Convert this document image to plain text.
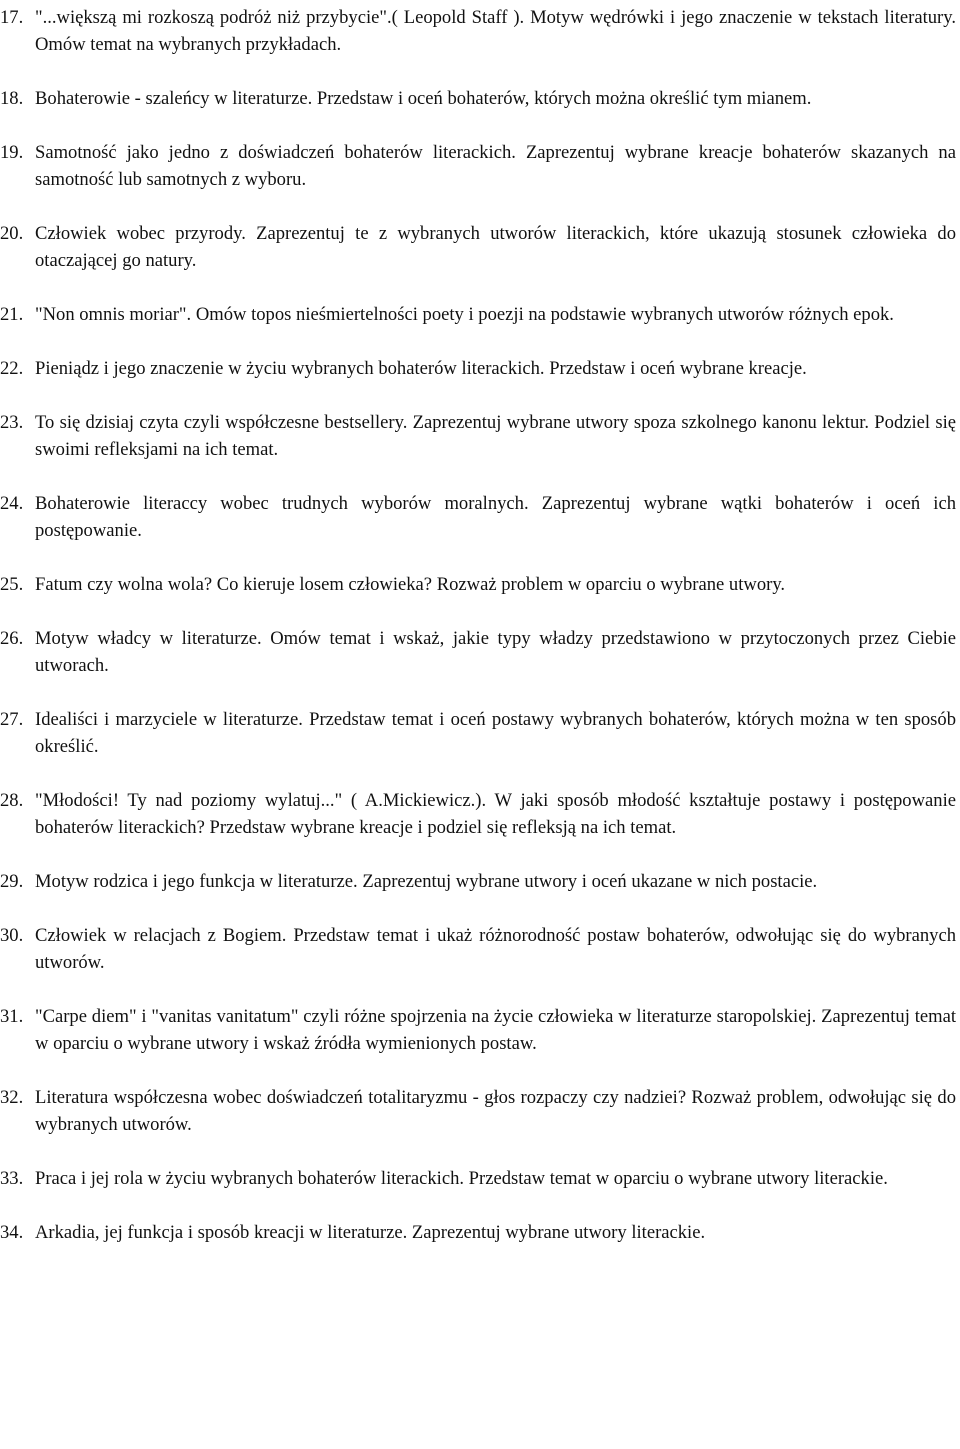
17. "...większą mi rozkoszą podróż niż przybycie".( Leopold Staff ). Motyw wędrówki i jego znaczenie w tekstach literatury. Omów temat na wybranych przykładach.
18. Bohaterowie - szaleńcy w literaturze. Przedstaw i oceń bohaterów, których można określić tym mianem.
19. Samotność jako jedno z doświadczeń bohaterów literackich. Zaprezentuj wybrane kreacje bohaterów skazanych na samotność lub samotnych z wyboru.
20. Człowiek wobec przyrody. Zaprezentuj te z wybranych utworów literackich, które ukazują stosunek człowieka do otaczającej go natury.
21. "Non omnis moriar". Omów topos nieśmiertelności poety i poezji na podstawie wybranych utworów różnych epok.
22. Pieniądz i jego znaczenie w życiu wybranych bohaterów literackich. Przedstaw i oceń wybrane kreacje.
23. To się dzisiaj czyta czyli współczesne bestsellery. Zaprezentuj wybrane utwory spoza szkolnego kanonu lektur. Podziel się swoimi refleksjami na ich temat.
24. Bohaterowie literaccy wobec trudnych wyborów moralnych. Zaprezentuj wybrane wątki bohaterów i oceń ich postępowanie.
25. Fatum czy wolna wola? Co kieruje losem człowieka? Rozważ problem w oparciu o wybrane utwory.
26. Motyw władcy w literaturze. Omów temat i wskaż, jakie typy władzy przedstawiono w przytoczonych przez Ciebie utworach.
27. Idealiści i marzyciele w literaturze. Przedstaw temat i oceń postawy wybranych bohaterów, których można w ten sposób określić.
28. "Młodości! Ty nad poziomy wylatuj..." ( A.Mickiewicz.). W jaki sposób młodość kształtuje postawy i postępowanie bohaterów literackich? Przedstaw wybrane kreacje i podziel się refleksją na ich temat.
29. Motyw rodzica i jego funkcja w literaturze. Zaprezentuj wybrane utwory i oceń ukazane w nich postacie.
30. Człowiek w relacjach z Bogiem. Przedstaw temat i ukaż różnorodność postaw bohaterów, odwołując się do wybranych utworów.
31. "Carpe diem" i "vanitas vanitatum" czyli różne spojrzenia na życie człowieka w literaturze staropolskiej. Zaprezentuj temat w oparciu o wybrane utwory i wskaż źródła wymienionych postaw.
32. Literatura współczesna wobec doświadczeń totalitaryzmu - głos rozpaczy czy nadziei? Rozważ problem, odwołując się do wybranych utworów.
33. Praca i jej rola w życiu wybranych bohaterów literackich. Przedstaw temat w oparciu o wybrane utwory literackie.
34. Arkadia, jej funkcja i sposób kreacji w literaturze. Zaprezentuj wybrane utwory literackie.
